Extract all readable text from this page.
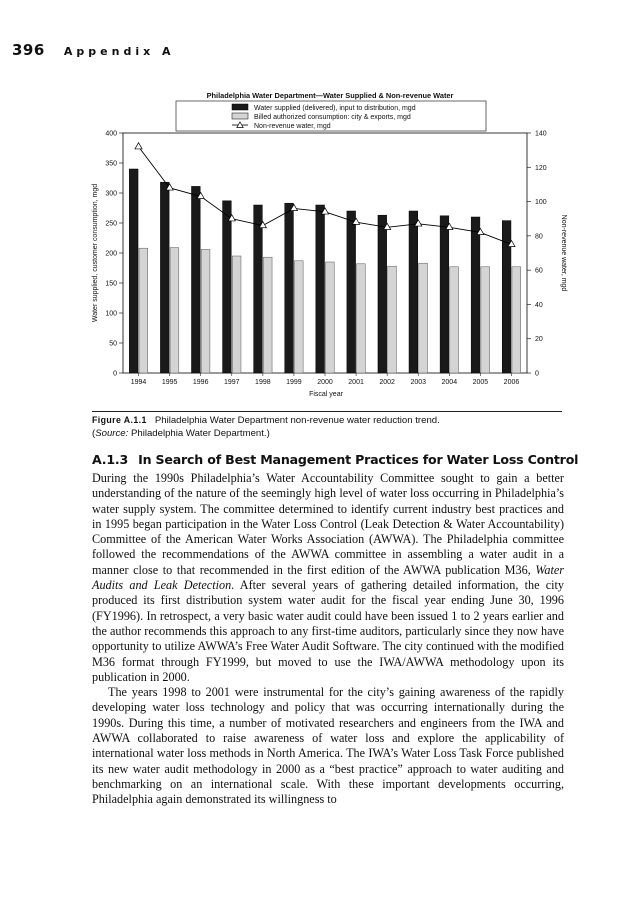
396 Appendix A
Philadelphia Water Department—Water Supplied & Non-revenue Water
Water supplied (delivered), input to distribution, mgd
Billed authorized consumption: city & exports, mgd
Non-revenue water, mgd
0
50
100
150
200
250
300
350
400
0
20
40
60
80
100
120
140
1994 1995 1996 1997 1998 1999 2000 2001 2002 2003 2004 2005 2006
Fiscal year
Water supplied, customer consumption, mgd	Non-revenue water, mgd
Figure A.1.1 Philadelphia Water Department non-revenue water reduction trend.
(Source: Philadelphia Water Department.)
A.1.3 In Search of Best Management Practices for Water Loss Control

During the 1990s Philadelphia’s Water Accountability Committee sought to gain a better understanding of the nature of the seemingly high level of water loss occurring in Philadelphia’s water supply system. The committee determined to identify current industry best practices and in 1995 began participation in the Water Loss Control (Leak Detection & Water Accountability) Committee of the American Water Works Association (AWWA). The Philadelphia committee followed the recommendations of the AWWA committee in assembling a water audit in a manner close to that recommended in the first edition of the AWWA publication M36, Water Audits and Leak Detection. After several years of gathering detailed information, the city produced its first distribution system water audit for the fiscal year ending June 30, 1996 (FY1996). In retrospect, a very basic water audit could have been issued 1 to 2 years earlier and the author recommends this approach to any first-time auditors, particularly since they now have opportunity to utilize AWWA’s Free Water Audit Software. The city continued with the modified M36 format through FY1999, but moved to use the IWA/AWWA methodology upon its publication in 2000.

The years 1998 to 2001 were instrumental for the city’s gaining awareness of the rapidly developing water loss technology and policy that was occurring internationally during the 1990s. During this time, a number of motivated researchers and engineers from the IWA and AWWA collaborated to raise awareness of water loss and explore the applicability of international water loss methods in North America. The IWA’s Water Loss Task Force published its new water audit methodology in 2000 as a “best practice” approach to water auditing and benchmarking on an international scale. With these important developments occurring, Philadelphia again demonstrated its willingness to
